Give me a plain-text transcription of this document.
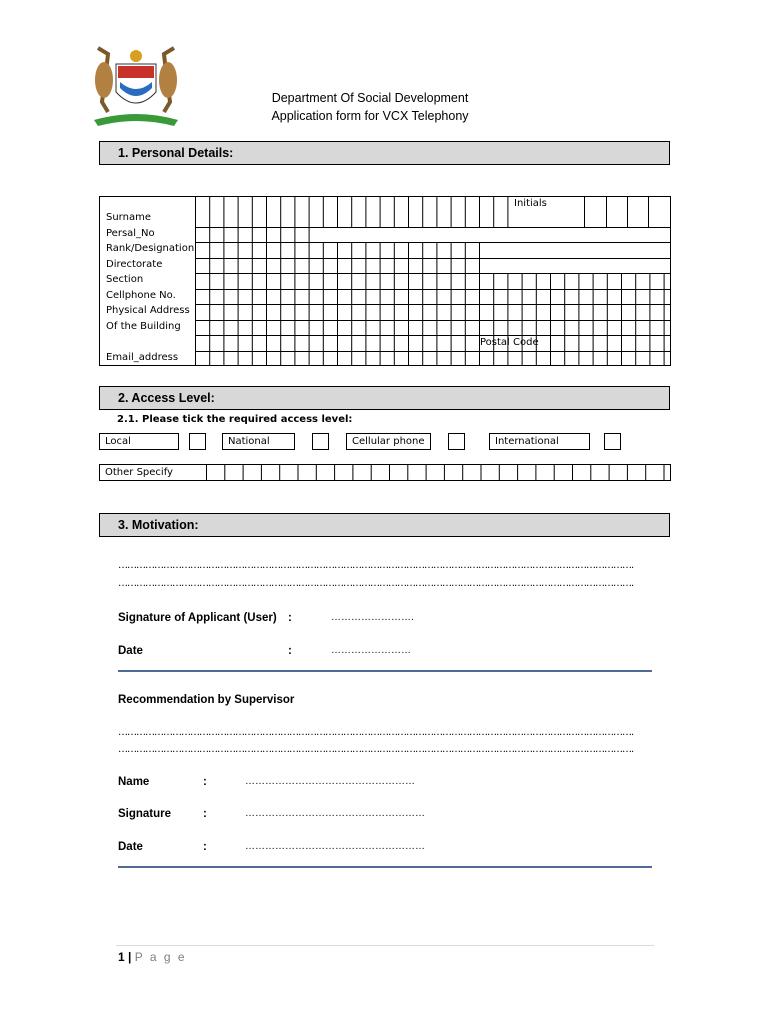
Department Of Social Development
Application form for VCX Telephony
1. Personal Details:
Initials
Surname
Persal_No
Rank/Designation
Directorate
Section
Cellphone No.
Physical Address
Of the Building
Postal Code
Email_address
2. Access Level:
2.1. Please tick the required access level:
Local	National	Cellular phone	International
Other Specify
3. Motivation:
……………………………………………………………………………………………………………………………………………………….
……………………………………………………………………………………………………………………………………………………….
Signature of Applicant (User) :	…………………….
Date	:	……………………
Recommendation by Supervisor
……………………………………………………………………………………………………………………………………………………….
……………………………………………………………………………………………………………………………………………………….
Name	:	……………………………………………
Signature	:	………………………………………………
Date	:	………………………………………………
1 | P a g e
